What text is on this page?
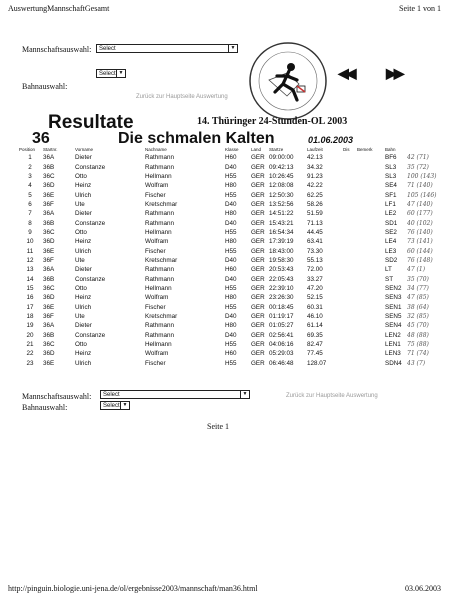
AuswertungMannschaftGesamt	Seite 1 von 1
Mannschaftsauswahl:	Select	▼
Select ▼
Bahnauswahl:
Zurück zur Hauptseite Auswertung
◀◀ ▶▶
Resultate	14. Thüringer 24-Stunden-OL 2003
36	Die schmalen Kalten	01.06.2003
Position	Startnr.	Vorname	Nachname	Klasse	Land	Startze	Laufzeit	Dis	Bemerk	Bahn	
1	36A	Dieter	Rathmann	H60	GER	09:00:00	42.13			BF6	42 (71)
2	36B	Constanze	Rathmann	D40	GER	09:42:13	34.32			SL3	35 (72)
3	36C	Otto	Hellmann	H55	GER	10:26:45	91.23			SL3	100 (143)
4	36D	Heinz	Wolfram	H80	GER	12:08:08	42.22			SE4	71 (140)
5	36E	Ulrich	Fischer	H55	GER	12:50:30	62.25			SF1	105 (146)
6	36F	Ute	Kretschmar	D40	GER	13:52:56	58.26			LF1	47 (140)
7	36A	Dieter	Rathmann	H80	GER	14:51:22	51.59			LE2	60 (177)
8	36B	Constanze	Rathmann	D40	GER	15:43:21	71.13			SD1	40 (102)
9	36C	Otto	Hellmann	H55	GER	16:54:34	44.45			SE2	76 (140)
10	36D	Heinz	Wolfram	H80	GER	17:39:19	63.41			LE4	73 (141)
11	36E	Ulrich	Fischer	H55	GER	18:43:00	73.30			LE3	60 (144)
12	36F	Ute	Kretschmar	D40	GER	19:58:30	55.13			SD2	76 (148)
13	36A	Dieter	Rathmann	H60	GER	20:53:43	72.00			LT	47 (1)
14	36B	Constanze	Rathmann	D40	GER	22:05:43	33.27			ST	35 (70)
15	36C	Otto	Hellmann	H55	GER	22:39:10	47.20			SEN2	34 (77)
16	36D	Heinz	Wolfram	H80	GER	23:26:30	52.15			SEN3	47 (85)
17	36E	Ulrich	Fischer	H55	GER	00:18:45	60.31			SEN1	38 (64)
18	36F	Ute	Kretschmar	D40	GER	01:19:17	46.10			SEN5	32 (85)
19	36A	Dieter	Rathmann	H80	GER	01:05:27	61.14			SEN4	45 (70)
20	36B	Constanze	Rathmann	D40	GER	02:56:41	69.35			LEN2	48 (88)
21	36C	Otto	Hellmann	H55	GER	04:06:16	82.47			LEN1	75 (88)
22	36D	Heinz	Wolfram	H60	GER	05:29:03	77.45			LEN3	71 (74)
23	36E	Ulrich	Fischer	H55	GER	06:46:48	128.07			SDN4	43 (7)
Mannschaftsauswahl:	Select	▼	Zurück zur Hauptseite Auswertung
Bahnauswahl:	Select ▼
Seite 1
http://pinguin.biologie.uni-jena.de/ol/ergebnisse2003/mannschaft/man36.html	03.06.2003
